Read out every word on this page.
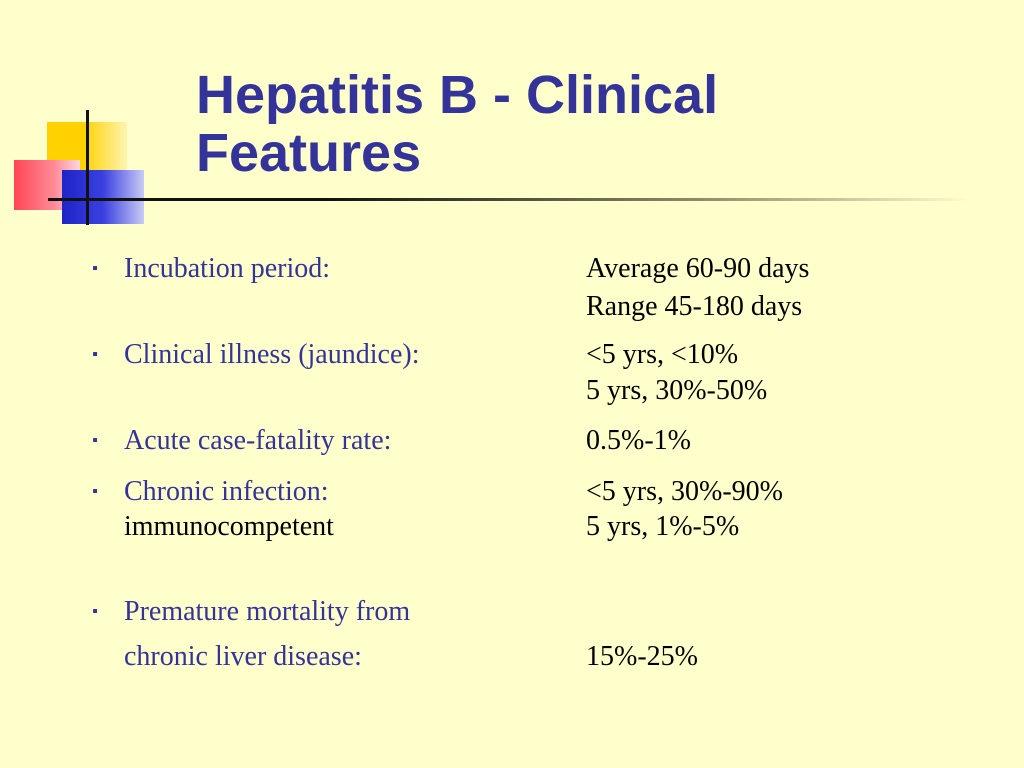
Hepatitis B - Clinical
Features
▪ Incubation period:	Average 60-90 days
Range 45-180 days
▪ Clinical illness (jaundice):	<5 yrs, <10%
5 yrs, 30%-50%
▪ Acute case-fatality rate:	0.5%-1%
▪ Chronic infection:	<5 yrs, 30%-90%
immunocompetent	5 yrs, 1%-5%
▪ Premature mortality from
chronic liver disease:	15%-25%
